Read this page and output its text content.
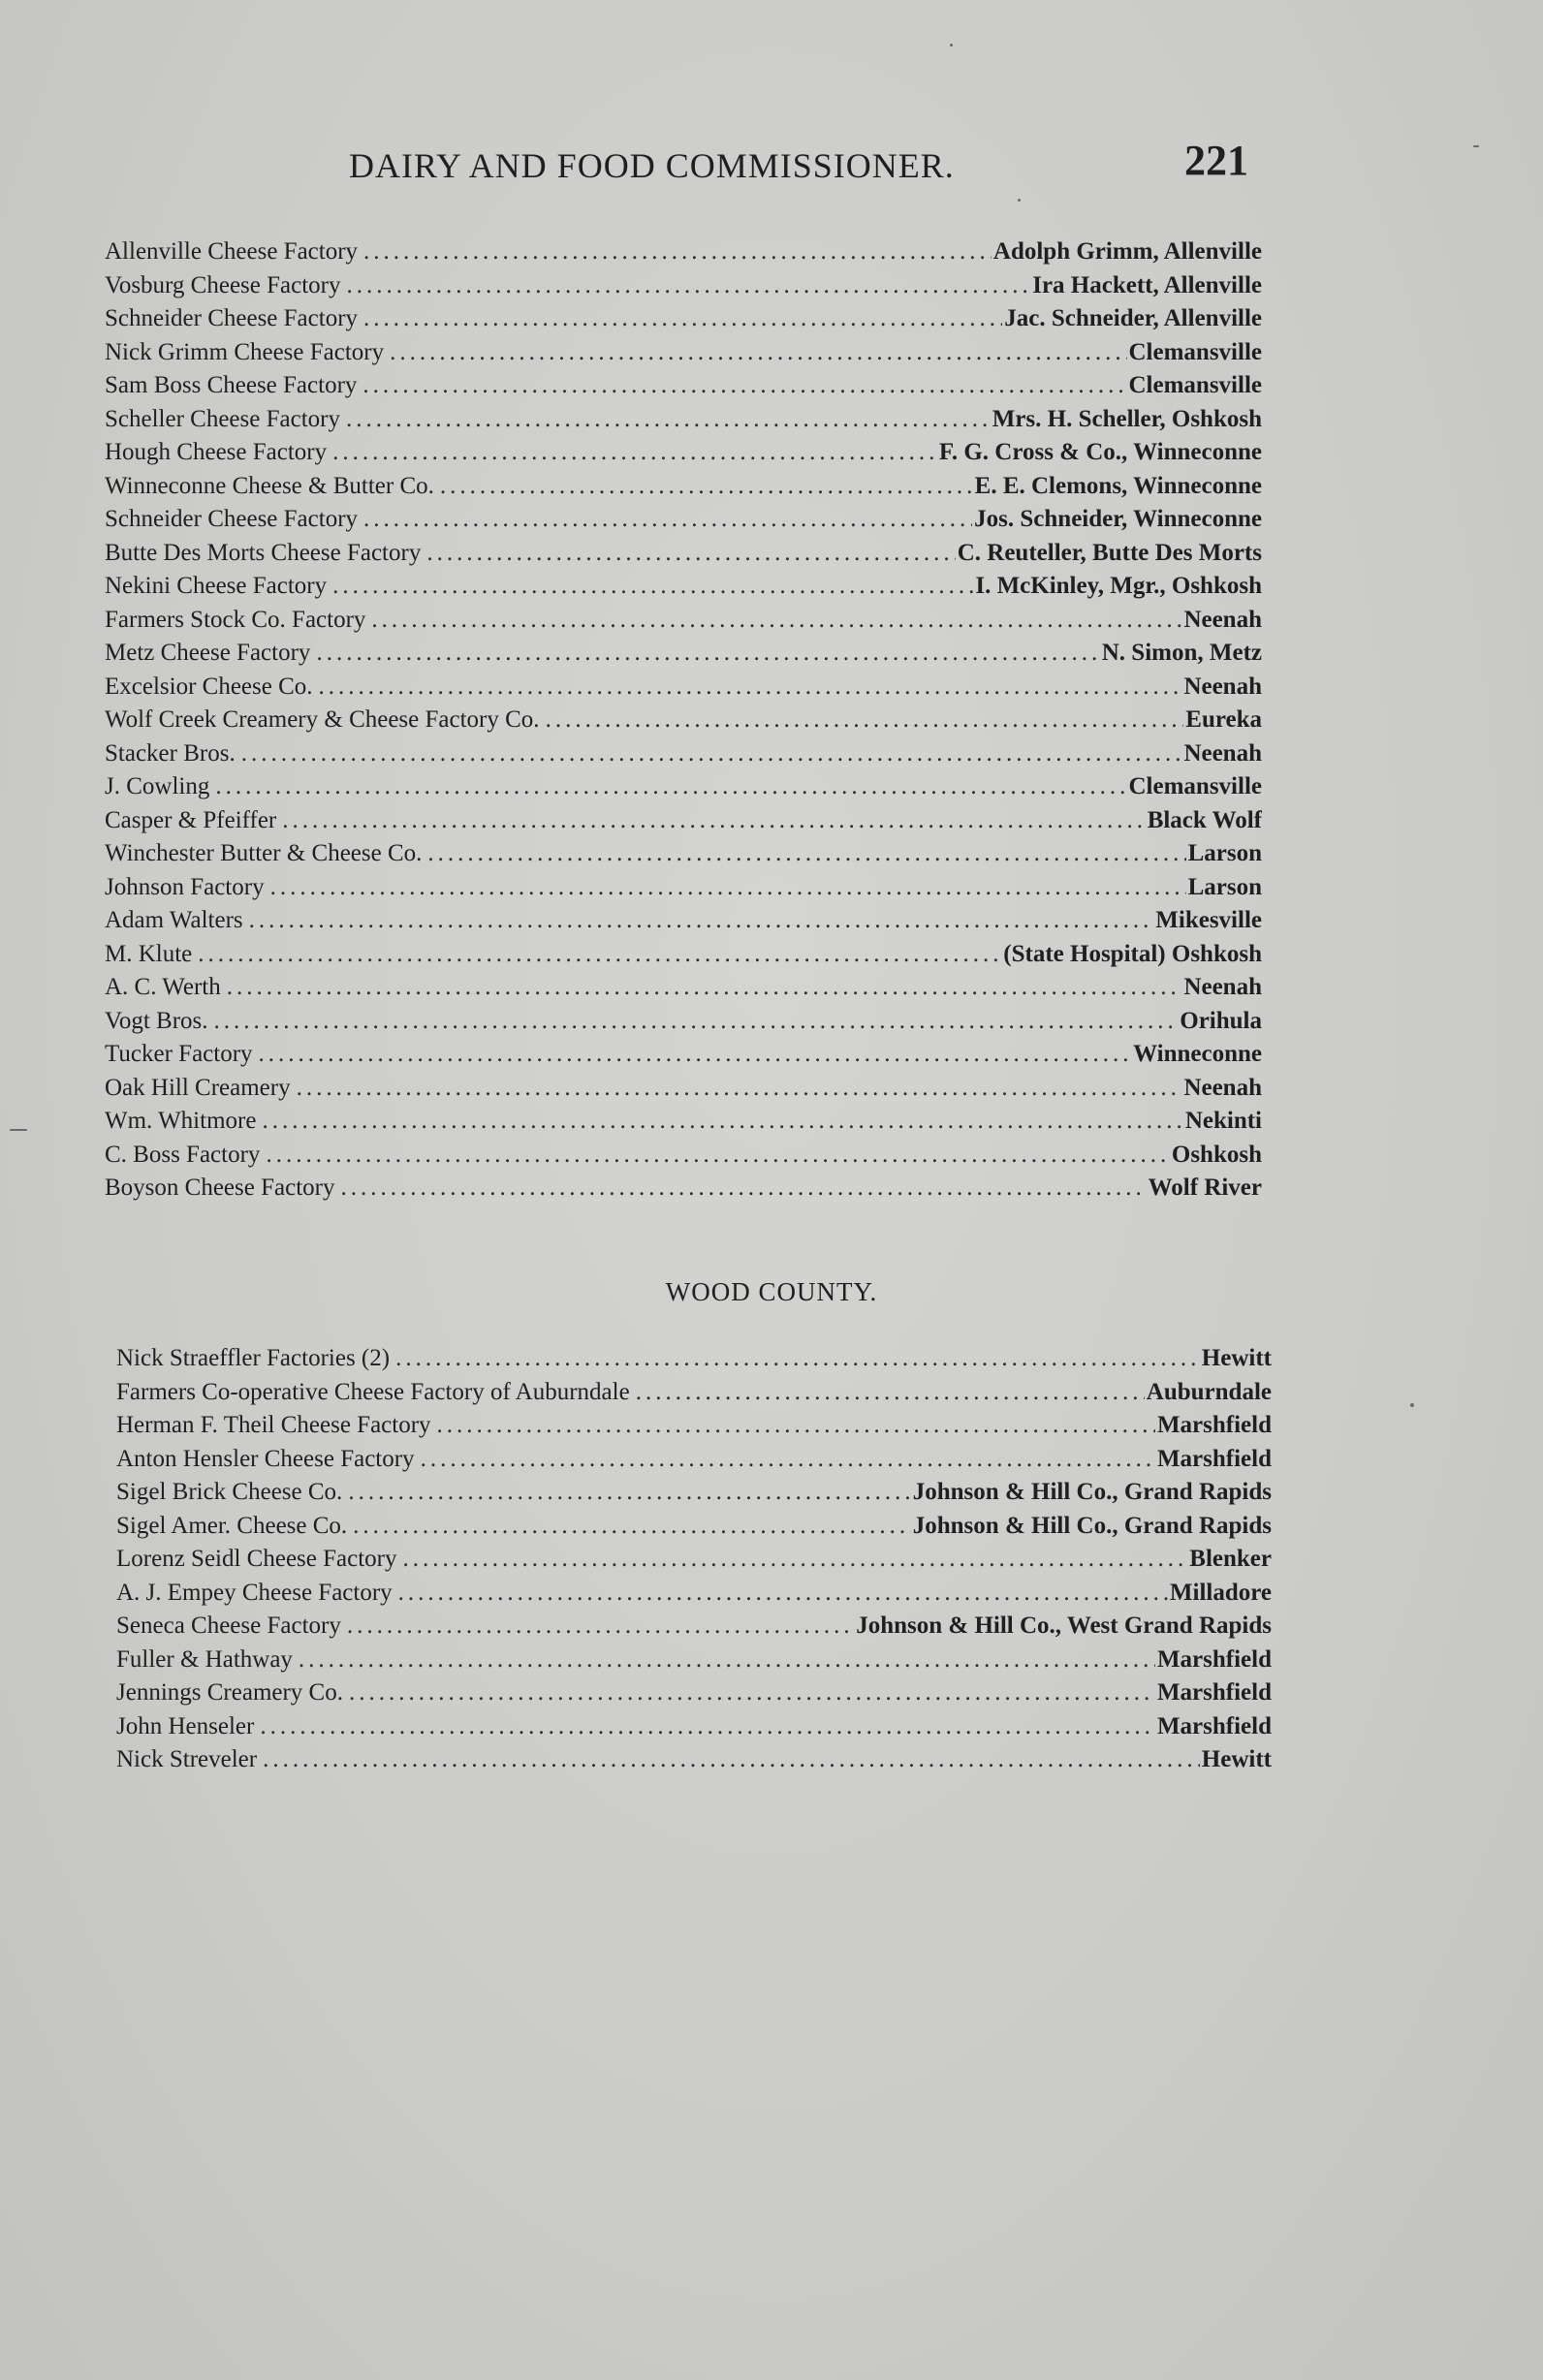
DAIRY AND FOOD COMMISSIONER.	221
Allenville Cheese Factory .....	Adolph Grimm, Allenville
Vosburg Cheese Factory .....	Ira Hackett, Allenville
Schneider Cheese Factory .....	Jac. Schneider, Allenville
Nick Grimm Cheese Factory .....	Clemansville
Sam Boss Cheese Factory .....	Clemansville
Scheller Cheese Factory .....	Mrs. H. Scheller, Oshkosh
Hough Cheese Factory .....	F. G. Cross & Co., Winneconne
Winneconne Cheese & Butter Co. .....	E. E. Clemons, Winneconne
Schneider Cheese Factory .....	Jos. Schneider, Winneconne
Butte Des Morts Cheese Factory .....	C. Reuteller, Butte Des Morts
Nekini Cheese Factory .....	I. McKinley, Mgr., Oshkosh
Farmers Stock Co. Factory .....	Neenah
Metz Cheese Factory .....	N. Simon, Metz
Excelsior Cheese Co. .....	Neenah
Wolf Creek Creamery & Cheese Factory Co. .....	Eureka
Stacker Bros. .....	Neenah
J. Cowling .....	Clemansville
Casper & Pfeiffer .....	Black Wolf
Winchester Butter & Cheese Co. .....	Larson
Johnson Factory .....	Larson
Adam Walters .....	Mikesville
M. Klute .....	(State Hospital) Oshkosh
A. C. Werth .....	Neenah
Vogt Bros. .....	Orihula
Tucker Factory .....	Winneconne
Oak Hill Creamery .....	Neenah
Wm. Whitmore .....	Nekinti
C. Boss Factory .....	Oshkosh
Boyson Cheese Factory .....	Wolf River
WOOD COUNTY.
Nick Straeffler Factories (2) .....	Hewitt
Farmers Co-operative Cheese Factory of Auburndale .....	Auburndale
Herman F. Theil Cheese Factory .....	Marshfield
Anton Hensler Cheese Factory .....	Marshfield
Sigel Brick Cheese Co. .....	Johnson & Hill Co., Grand Rapids
Sigel Amer. Cheese Co. .....	Johnson & Hill Co., Grand Rapids
Lorenz Seidl Cheese Factory .....	Blenker
A. J. Empey Cheese Factory .....	Milladore
Seneca Cheese Factory .....	Johnson & Hill Co., West Grand Rapids
Fuller & Hathway .....	Marshfield
Jennings Creamery Co. .....	Marshfield
John Henseler .....	Marshfield
Nick Streveler .....	Hewitt
